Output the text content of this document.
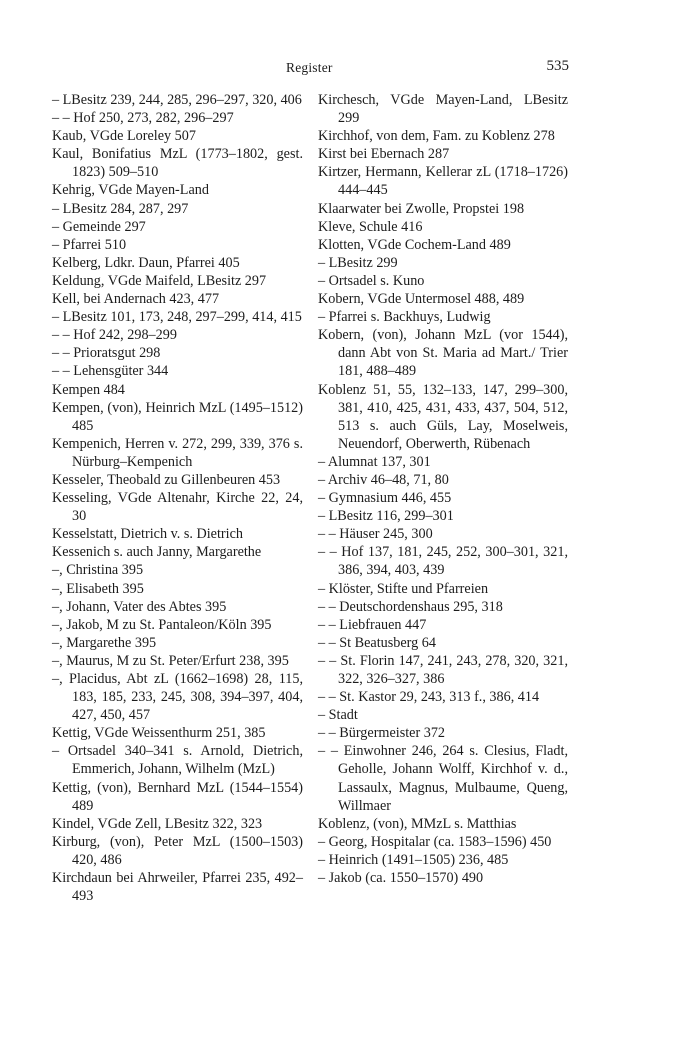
Register	535
– LBesitz 239, 244, 285, 296–297, 320, 406
– – Hof 250, 273, 282, 296–297
Kaub, VGde Loreley 507
Kaul, Bonifatius MzL (1773–1802, gest. 1823) 509–510
Kehrig, VGde Mayen-Land
– LBesitz 284, 287, 297
– Gemeinde 297
– Pfarrei 510
Kelberg, Ldkr. Daun, Pfarrei 405
Keldung, VGde Maifeld, LBesitz 297
Kell, bei Andernach 423, 477
– LBesitz 101, 173, 248, 297–299, 414, 415
– – Hof 242, 298–299
– – Prioratsgut 298
– – Lehensgüter 344
Kempen 484
Kempen, (von), Heinrich MzL (1495–1512) 485
Kempenich, Herren v. 272, 299, 339, 376 s. Nürburg–Kempenich
Kesseler, Theobald zu Gillenbeuren 453
Kesseling, VGde Altenahr, Kirche 22, 24, 30
Kesselstatt, Dietrich v. s. Dietrich
Kessenich s. auch Janny, Margarethe
–, Christina 395
–, Elisabeth 395
–, Johann, Vater des Abtes 395
–, Jakob, M zu St. Pantaleon/Köln 395
–, Margarethe 395
–, Maurus, M zu St. Peter/Erfurt 238, 395
–, Placidus, Abt zL (1662–1698) 28, 115, 183, 185, 233, 245, 308, 394–397, 404, 427, 450, 457
Kettig, VGde Weissenthurm 251, 385
– Ortsadel 340–341 s. Arnold, Dietrich, Emmerich, Johann, Wilhelm (MzL)
Kettig, (von), Bernhard MzL (1544–1554) 489
Kindel, VGde Zell, LBesitz 322, 323
Kirburg, (von), Peter MzL (1500–1503) 420, 486
Kirchdaun bei Ahrweiler, Pfarrei 235, 492–493
Kirchesch, VGde Mayen-Land, LBesitz 299
Kirchhof, von dem, Fam. zu Koblenz 278
Kirst bei Ebernach 287
Kirtzer, Hermann, Kellerar zL (1718–1726) 444–445
Klaarwater bei Zwolle, Propstei 198
Kleve, Schule 416
Klotten, VGde Cochem-Land 489
– LBesitz 299
– Ortsadel s. Kuno
Kobern, VGde Untermosel 488, 489
– Pfarrei s. Backhuys, Ludwig
Kobern, (von), Johann MzL (vor 1544), dann Abt von St. Maria ad Mart./ Trier 181, 488–489
Koblenz 51, 55, 132–133, 147, 299–300, 381, 410, 425, 431, 433, 437, 504, 512, 513 s. auch Güls, Lay, Moselweis, Neuendorf, Oberwerth, Rübenach
– Alumnat 137, 301
– Archiv 46–48, 71, 80
– Gymnasium 446, 455
– LBesitz 116, 299–301
– – Häuser 245, 300
– – Hof 137, 181, 245, 252, 300–301, 321, 386, 394, 403, 439
– Klöster, Stifte und Pfarreien
– – Deutschordenshaus 295, 318
– – Liebfrauen 447
– – St Beatusberg 64
– – St. Florin 147, 241, 243, 278, 320, 321, 322, 326–327, 386
– – St. Kastor 29, 243, 313 f., 386, 414
– Stadt
– – Bürgermeister 372
– – Einwohner 246, 264 s. Clesius, Fladt, Geholle, Johann Wolff, Kirchhof v. d., Lassaulx, Magnus, Mulbaume, Queng, Willmaer
Koblenz, (von), MMzL s. Matthias
– Georg, Hospitalar (ca. 1583–1596) 450
– Heinrich (1491–1505) 236, 485
– Jakob (ca. 1550–1570) 490
